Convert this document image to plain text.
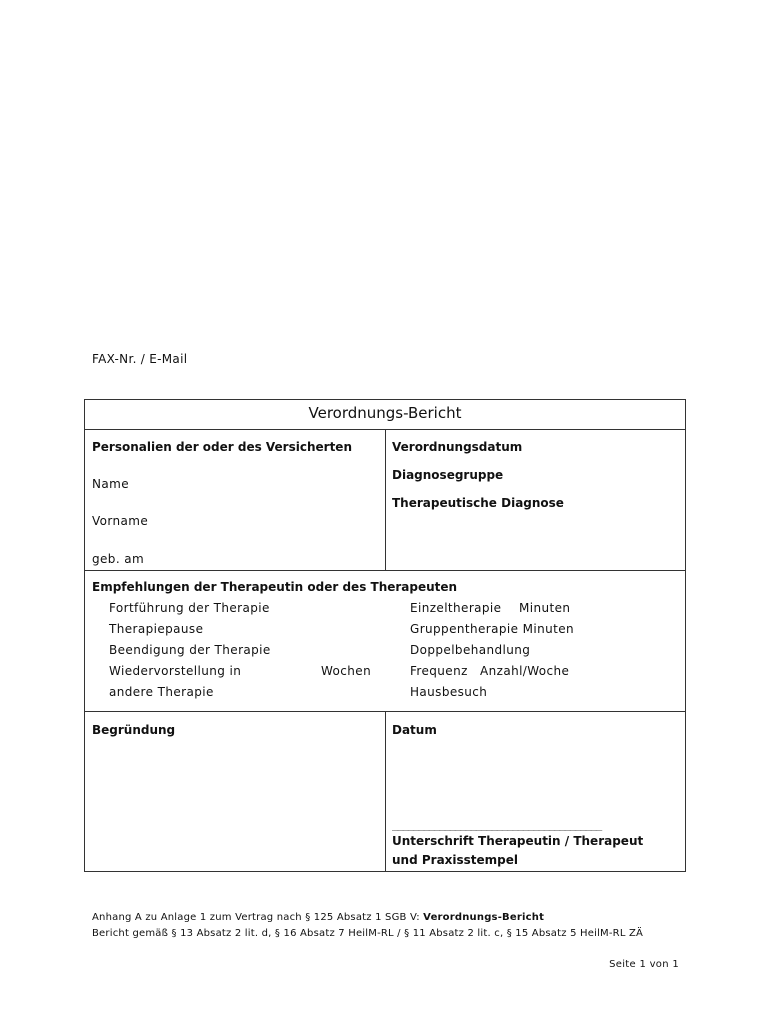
FAX-Nr. / E-Mail
Verordnungs-Bericht
Personalien der oder des Versicherten
Name
Vorname
geb. am
Verordnungsdatum
Diagnosegruppe
Therapeutische Diagnose
Empfehlungen der Therapeutin oder des Therapeuten
Fortführung der Therapie
Therapiepause
Beendigung der Therapie
Wiedervorstellung in	Wochen
andere Therapie
Einzeltherapie Minuten
Gruppentherapie Minuten
Doppelbehandlung
Frequenz Anzahl/Woche
Hausbesuch
Begründung	Datum
________________________________________
Unterschrift Therapeutin / Therapeut
und Praxisstempel
Anhang A zu Anlage 1 zum Vertrag nach § 125 Absatz 1 SGB V: Verordnungs-Bericht
Bericht gemäß § 13 Absatz 2 lit. d, § 16 Absatz 7 HeilM-RL / § 11 Absatz 2 lit. c, § 15 Absatz 5 HeilM-RL ZÄ
Seite 1 von 1
